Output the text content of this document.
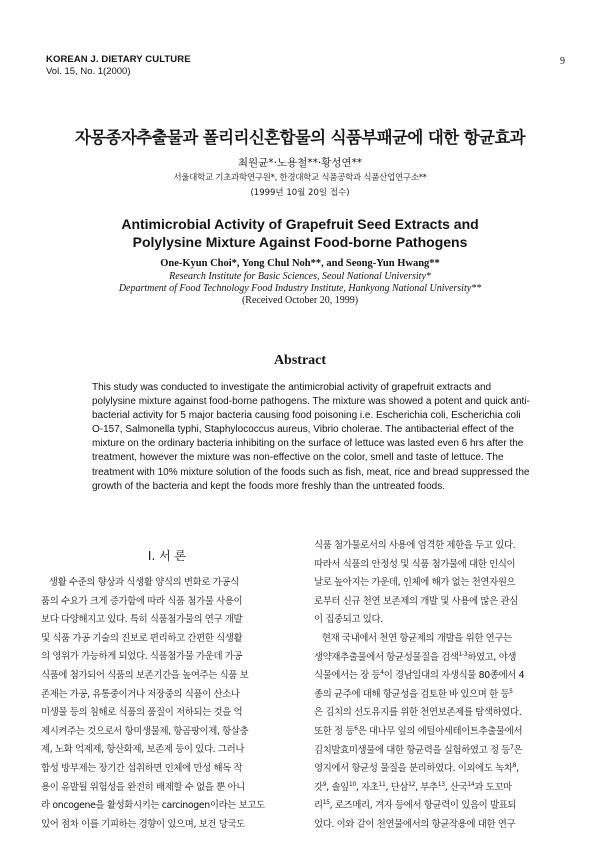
KOREAN J. DIETARY CULTURE
Vol. 15, No. 1(2000)
9
자몽종자추출물과 폴리리신혼합물의 식품부패균에 대한 항균효과
최원균*·노용철**·황성연**
서울대학교 기초과학연구원*, 한경대학교 식품공학과 식품산업연구소**
(1999년 10월 20일 접수)
Antimicrobial Activity of Grapefruit Seed Extracts and
Polylysine Mixture Against Food-borne Pathogens
One-Kyun Choi*, Yong Chul Noh**, and Seong-Yun Hwang**
Research Institute for Basic Sciences, Seoul National University*
Department of Food Technology Food Industry Institute, Hankyong National University**
(Received October 20, 1999)
Abstract
This study was conducted to investigate the antimicrobial activity of grapefruit extracts and
polylysine mixture against food-borne pathogens. The mixture was showed a potent and quick anti-
bacterial activity for 5 major bacteria causing food poisoning i.e. Escherichia coli, Escherichia coli
O-157, Salmonella typhi, Staphylococcus aureus, Vibrio cholerae. The antibacterial effect of the
mixture on the ordinary bacteria inhibiting on the surface of lettuce was lasted even 6 hrs after the
treatment, however the mixture was non-effective on the color, smell and taste of lettuce. The
treatment with 10% mixture solution of the foods such as fish, meat, rice and bread suppressed the
growth of the bacteria and kept the foods more freshly than the untreated foods.
I. 서 론
생활 수준의 향상과 식생활 양식의 변화로 가공식
품의 수요가 크게 증가함에 따라 식품 첨가물 사용이
보다 다양해지고 있다. 특히 식품첨가물의 연구 개발
및 식품 가공 기술의 진보로 편리하고 간편한 식생활
의 영위가 가능하게 되었다. 식품첨가물 가운데 가공
식품에 첨가되어 식품의 보존기간을 높여주는 식품 보
존제는 가공, 유통중이거나 저장중의 식품이 산소나
미생물 등의 침해로 식품의 품질이 저하되는 것을 억
제시켜주는 것으로서 항미생물제, 항곰팡이제, 항살충
제, 노화 억제제, 항산화제, 보존제 등이 있다. 그러나
합성 방부제는 장기간 섭취하면 인체에 만성 해독 작
용이 유발될 위험성을 완전히 배제할 수 없을 뿐 아니
라 oncogene을 활성화시키는 carcinogen이라는 보고도
있어 점차 이를 기피하는 경향이 있으며, 보건 당국도
식품 첨가물로서의 사용에 엄격한 제한을 두고 있다.
따라서 식품의 안정성 및 식품 첨가물에 대한 인식이
날로 높아지는 가운데, 인체에 해가 없는 천연자원으
로부터 신규 천연 보존제의 개발 및 사용에 많은 관심
이 집중되고 있다.
현재 국내에서 천연 항균제의 개발을 위한 연구는
생약재추출물에서 항균성물질을 검색$^{1-3}$하였고, 야생
식물에서는 장 등$^4$이 경남일대의 자생식물 80종에서 4
종의 균주에 대해 항균성을 검토한 바 있으며 한 등$^5$
은 김치의 선도유지를 위한 천연보존제를 탐색하였다.
또한 정 등$^6$은 대나무 잎의 에틸아세테이트추출물에서
김치발효미생물에 대한 항균력을 실험하였고 정 등$^7$은
영지에서 항균성 물질을 분리하였다. 이외에도 녹차$^8$,
갓$^9$, 솔잎$^{10}$, 자초$^{11}$, 단삼$^{12}$, 부추$^{13}$, 산국$^{14}$과 도꼬마
리$^{15}$, 로즈메리, 겨자 등에서 항균력이 있음이 발표되
었다. 이와 같이 천연물에서의 항균작용에 대한 연구
